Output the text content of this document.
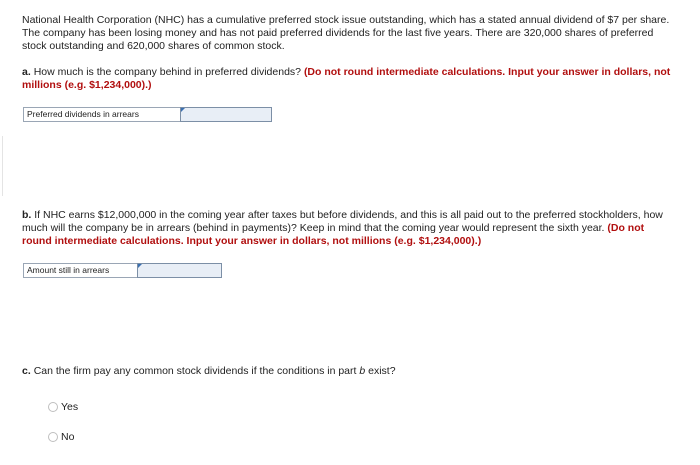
National Health Corporation (NHC) has a cumulative preferred stock issue outstanding, which has a stated annual dividend of $7 per share. The company has been losing money and has not paid preferred dividends for the last five years. There are 320,000 shares of preferred stock outstanding and 620,000 shares of common stock.

a. How much is the company behind in preferred dividends? (Do not round intermediate calculations. Input your answer in dollars, not millions (e.g. $1,234,000).)

Preferred dividends in arrears

b. If NHC earns $12,000,000 in the coming year after taxes but before dividends, and this is all paid out to the preferred stockholders, how much will the company be in arrears (behind in payments)? Keep in mind that the coming year would represent the sixth year. (Do not round intermediate calculations. Input your answer in dollars, not millions (e.g. $1,234,000).)

Amount still in arrears

c. Can the firm pay any common stock dividends if the conditions in part b exist?

Yes
No
